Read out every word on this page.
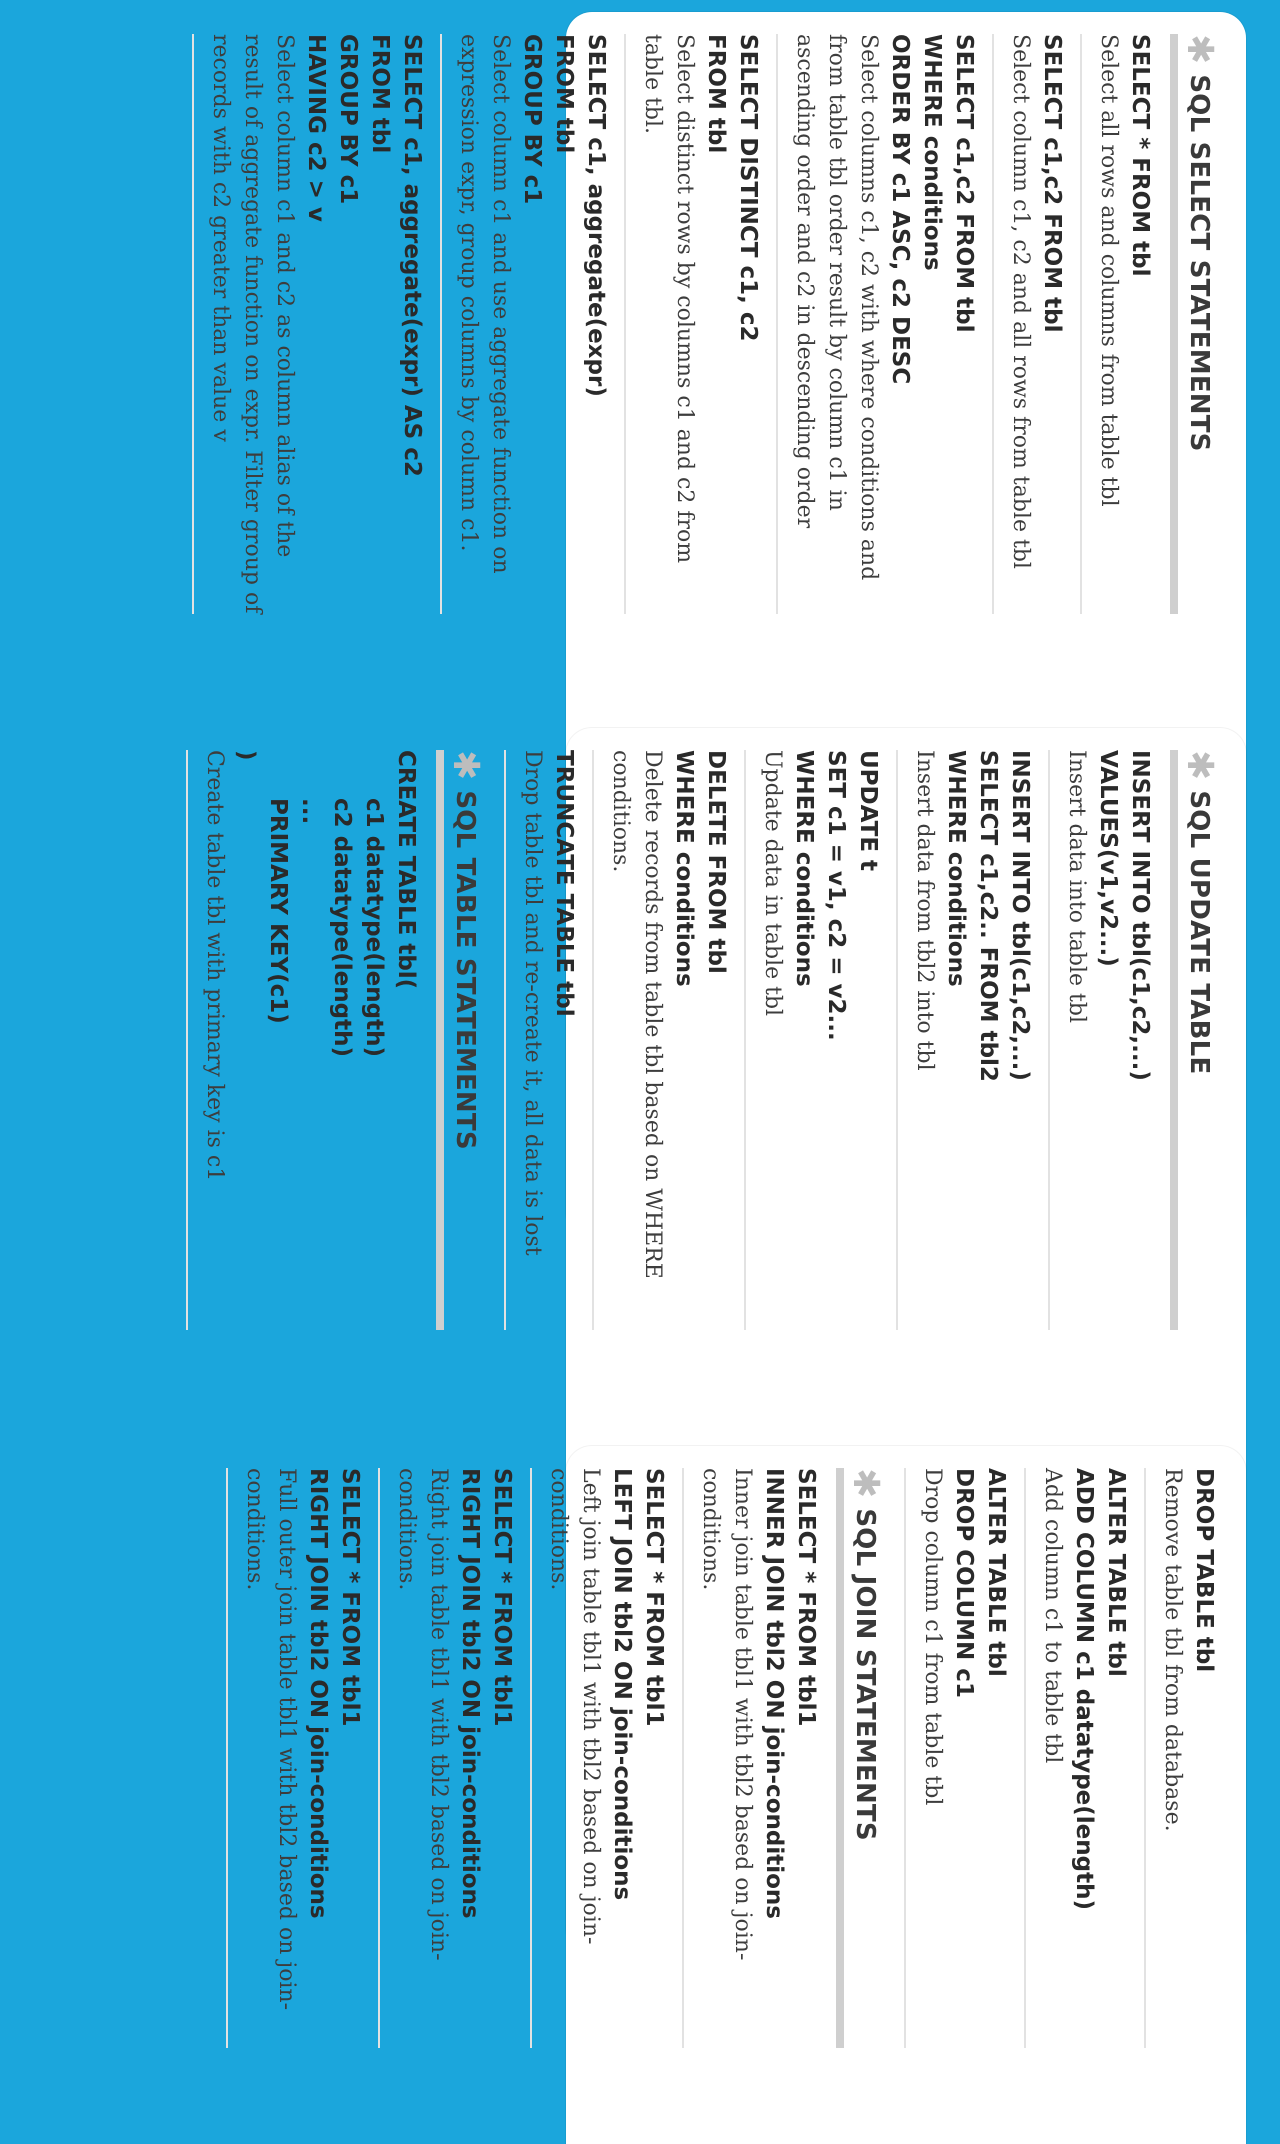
✱
SQL SELECT STATEMENTS
SELECT * FROM tbl
Select all rows and columns from table tbl
SELECT c1,c2 FROM tbl
Select column c1, c2 and all rows from table tbl
SELECT c1,c2 FROM tbl
WHERE conditions
ORDER BY c1 ASC, c2 DESC
Select columns c1, c2 with where conditions and from table tbl order result by column c1 in ascending order and c2 in descending order
SELECT DISTINCT c1, c2
FROM tbl
Select distinct rows by columns c1 and c2 from table tbl.
SELECT c1, aggregate(expr)
FROM tbl
GROUP BY c1
Select column c1 and use aggregate function on expression expr, group columns by column c1.
SELECT c1, aggregate(expr) AS c2
FROM tbl
GROUP BY c1
HAVING c2 > v
Select column c1 and c2 as column alias of the result of aggregate function on expr. Filter group of records with c2 greater than value v
✱
SQL UPDATE TABLE
INSERT INTO tbl(c1,c2,...)
VALUES(v1,v2...)
Insert data into table tbl
INSERT INTO tbl(c1,c2,...)
SELECT c1,c2.. FROM tbl2
WHERE conditions
Insert data from tbl2 into tbl
UPDATE t
SET c1 = v1, c2 = v2...
WHERE conditions
Update data in table tbl
DELETE FROM tbl
WHERE conditions
Delete records from table tbl based on WHERE conditions.
TRUNCATE TABLE tbl
Drop table tbl and re-create it, all data is lost
✱
SQL TABLE STATEMENTS
CREATE TABLE tbl(
c1 datatype(length)
c2 datatype(length)
...
PRIMARY KEY(c1)
)
Create table tbl with primary key is c1
DROP TABLE tbl
Remove table tbl from database.
ALTER TABLE tbl
ADD COLUMN c1 datatype(length)
Add column c1 to table tbl
ALTER TABLE tbl
DROP COLUMN c1
Drop column c1 from table tbl
✱
SQL JOIN STATEMENTS
SELECT * FROM tbl1
INNER JOIN tbl2 ON join-conditions
Inner join table tbl1 with tbl2 based on join-conditions.
SELECT * FROM tbl1
LEFT JOIN tbl2 ON join-conditions
Left join table tbl1 with tbl2 based on join-conditions.
SELECT * FROM tbl1
RIGHT JOIN tbl2 ON join-conditions
Right join table tbl1 with tbl2 based on join-conditions.
SELECT * FROM tbl1
RIGHT JOIN tbl2 ON join-conditions
Full outer join table tbl1 with tbl2 based on join-conditions.
